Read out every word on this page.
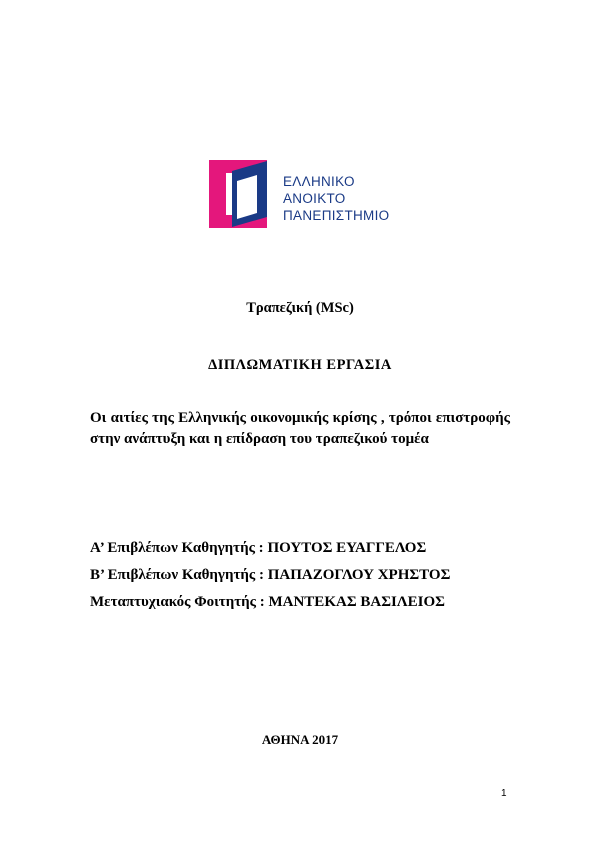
ΕΛΛΗΝΙΚΟ
ΑΝΟΙΚΤΟ
ΠΑΝΕΠΙΣΤΗΜΙΟ
Τραπεζική (MSc)
ΔΙΠΛΩΜΑΤΙΚΗ ΕΡΓΑΣΙΑ
Οι αιτίες της Ελληνικής οικονομικής κρίσης , τρόποι επιστροφής στην ανάπτυξη και η επίδραση του τραπεζικού τομέα
Α’ Επιβλέπων Καθηγητής : ΠΟΥΤΟΣ ΕΥΑΓΓΕΛΟΣ
Β’ Επιβλέπων Καθηγητής : ΠΑΠΑΖΟΓΛΟΥ ΧΡΗΣΤΟΣ
Μεταπτυχιακός Φοιτητής : ΜΑΝΤΕΚΑΣ ΒΑΣΙΛΕΙΟΣ
ΑΘΗΝΑ 2017
1
